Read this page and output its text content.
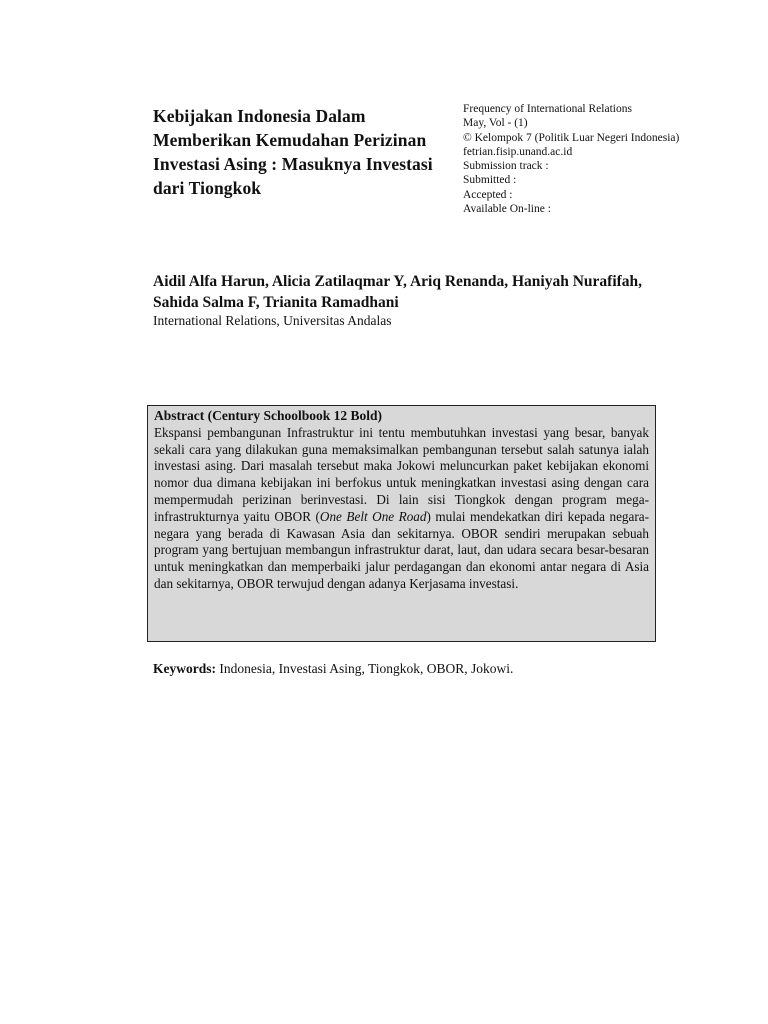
Kebijakan Indonesia Dalam Memberikan Kemudahan Perizinan Investasi Asing : Masuknya Investasi dari Tiongkok
Frequency of International Relations
May, Vol - (1)
© Kelompok 7 (Politik Luar Negeri Indonesia)
fetrian.fisip.unand.ac.id
Submission track :
Submitted :
Accepted :
Available On-line :
Aidil Alfa Harun, Alicia Zatilaqmar Y, Ariq Renanda, Haniyah Nurafifah, Sahida Salma F, Trianita Ramadhani
International Relations, Universitas Andalas
Abstract (Century Schoolbook 12 Bold)
Ekspansi pembangunan Infrastruktur ini tentu membutuhkan investasi yang besar, banyak sekali cara yang dilakukan guna memaksimalkan pembangunan tersebut salah satunya ialah investasi asing. Dari masalah tersebut maka Jokowi meluncurkan paket kebijakan ekonomi nomor dua dimana kebijakan ini berfokus untuk meningkatkan investasi asing dengan cara mempermudah perizinan berinvestasi. Di lain sisi Tiongkok dengan program mega-infrastrukturnya yaitu OBOR (One Belt One Road) mulai mendekatkan diri kepada negara-negara yang berada di Kawasan Asia dan sekitarnya. OBOR sendiri merupakan sebuah program yang bertujuan membangun infrastruktur darat, laut, dan udara secara besar-besaran untuk meningkatkan dan memperbaiki jalur perdagangan dan ekonomi antar negara di Asia dan sekitarnya, OBOR terwujud dengan adanya Kerjasama investasi.
Keywords: Indonesia, Investasi Asing, Tiongkok, OBOR, Jokowi.
